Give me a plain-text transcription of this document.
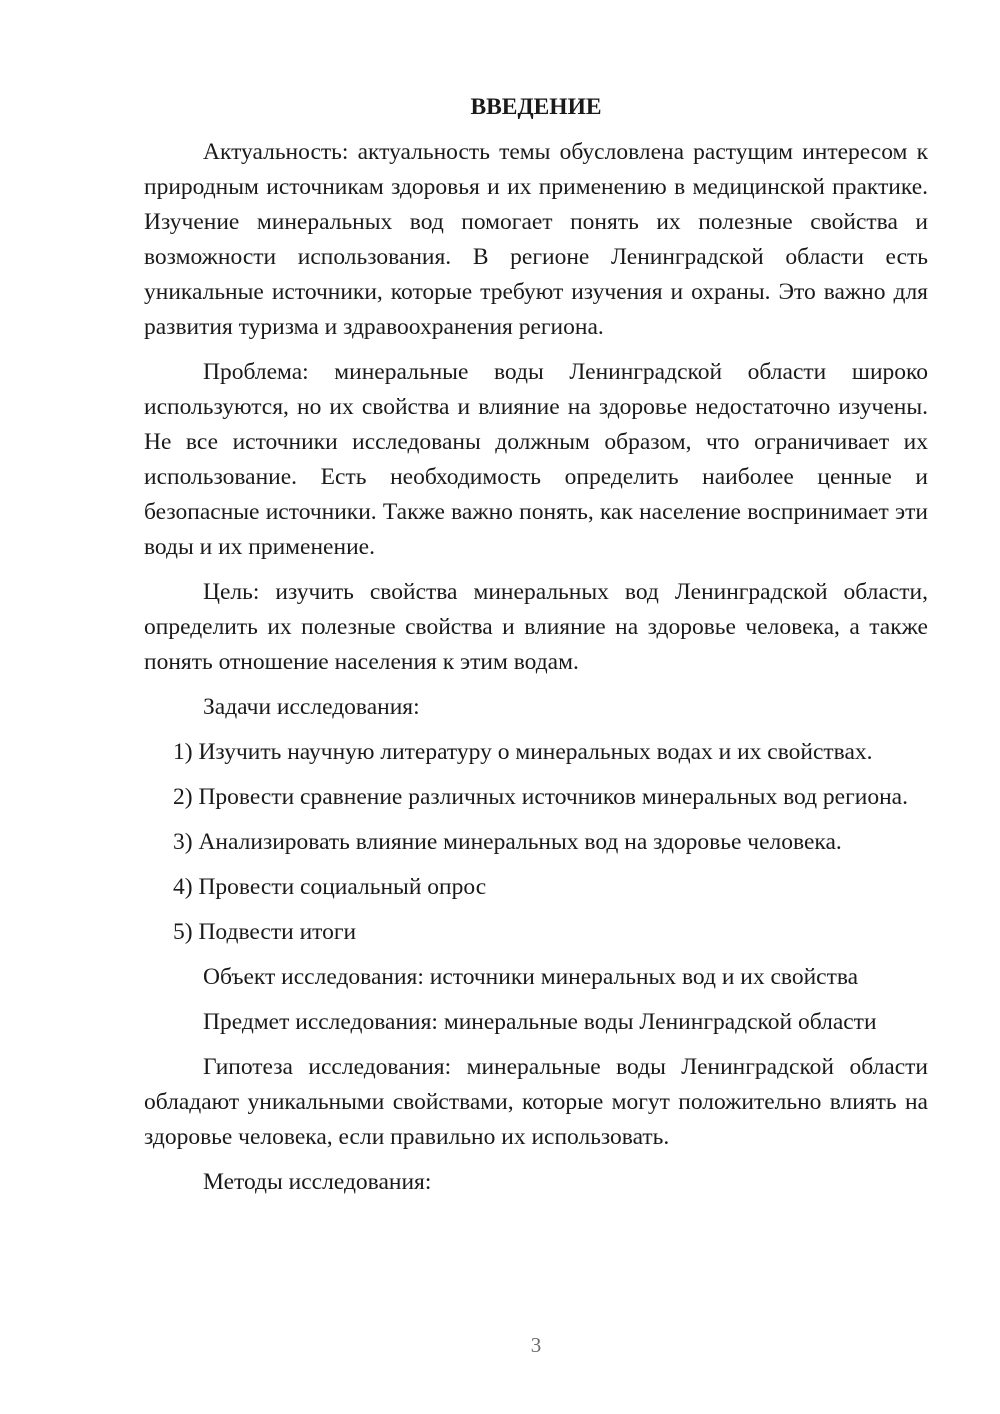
ВВЕДЕНИЕ

Актуальность: актуальность темы обусловлена растущим интересом к природным источникам здоровья и их применению в медицинской практике. Изучение минеральных вод помогает понять их полезные свойства и возможности использования. В регионе Ленинградской области есть уникальные источники, которые требуют изучения и охраны. Это важно для развития туризма и здравоохранения региона.

Проблема: минеральные воды Ленинградской области широко используются, но их свойства и влияние на здоровье недостаточно изучены. Не все источники исследованы должным образом, что ограничивает их использование. Есть необходимость определить наиболее ценные и безопасные источники. Также важно понять, как население воспринимает эти воды и их применение.

Цель: изучить свойства минеральных вод Ленинградской области, определить их полезные свойства и влияние на здоровье человека, а также понять отношение населения к этим водам.

Задачи исследования:

1) Изучить научную литературу о минеральных водах и их свойствах.

2) Провести сравнение различных источников минеральных вод региона.

3) Анализировать влияние минеральных вод на здоровье человека.

4) Провести социальный опрос

5) Подвести итоги

Объект исследования: источники минеральных вод и их свойства

Предмет исследования: минеральные воды Ленинградской области

Гипотеза исследования: минеральные воды Ленинградской области обладают уникальными свойствами, которые могут положительно влиять на здоровье человека, если правильно их использовать.

Методы исследования:

3
